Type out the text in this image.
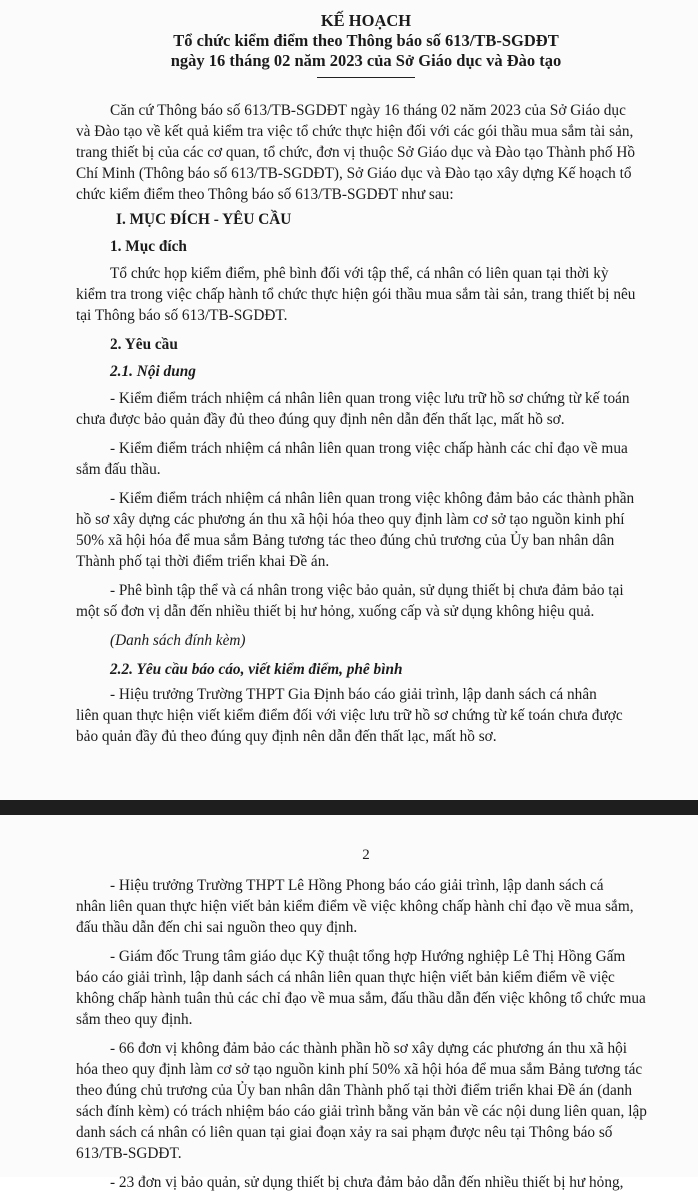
KẾ HOẠCH

Tổ chức kiểm điểm theo Thông báo số 613/TB-SGDĐT

ngày 16 tháng 02 năm 2023 của Sở Giáo dục và Đào tạo

Căn cứ Thông báo số 613/TB-SGDĐT ngày 16 tháng 02 năm 2023 của Sở Giáo dục

và Đào tạo về kết quả kiểm tra việc tổ chức thực hiện đối với các gói thầu mua sắm tài sản,

trang thiết bị của các cơ quan, tổ chức, đơn vị thuộc Sở Giáo dục và Đào tạo Thành phố Hồ

Chí Minh (Thông báo số 613/TB-SGDĐT), Sở Giáo dục và Đào tạo xây dựng Kế hoạch tổ

chức kiểm điểm theo Thông báo số 613/TB-SGDĐT như sau:

I. MỤC ĐÍCH - YÊU CẦU

1. Mục đích

Tổ chức họp kiểm điểm, phê bình đối với tập thể, cá nhân có liên quan tại thời kỳ

kiểm tra trong việc chấp hành tổ chức thực hiện gói thầu mua sắm tài sản, trang thiết bị nêu

tại Thông báo số 613/TB-SGDĐT.

2. Yêu cầu

2.1. Nội dung

- Kiểm điểm trách nhiệm cá nhân liên quan trong việc lưu trữ hồ sơ chứng từ kế toán

chưa được bảo quản đầy đủ theo đúng quy định nên dẫn đến thất lạc, mất hồ sơ.

- Kiểm điểm trách nhiệm cá nhân liên quan trong việc chấp hành các chỉ đạo về mua

sắm đấu thầu.

- Kiểm điểm trách nhiệm cá nhân liên quan trong việc không đảm bảo các thành phần

hồ sơ xây dựng các phương án thu xã hội hóa theo quy định làm cơ sở tạo nguồn kinh phí

50% xã hội hóa để mua sắm Bảng tương tác theo đúng chủ trương của Ủy ban nhân dân

Thành phố tại thời điểm triển khai Đề án.

- Phê bình tập thể và cá nhân trong việc bảo quản, sử dụng thiết bị chưa đảm bảo tại

một số đơn vị dẫn đến nhiều thiết bị hư hỏng, xuống cấp và sử dụng không hiệu quả.

(Danh sách đính kèm)

2.2. Yêu cầu báo cáo, viết kiểm điểm, phê bình

- Hiệu trưởng Trường THPT Gia Định báo cáo giải trình, lập danh sách cá nhân

liên quan thực hiện viết kiểm điểm đối với việc lưu trữ hồ sơ chứng từ kế toán chưa được

bảo quản đầy đủ theo đúng quy định nên dẫn đến thất lạc, mất hồ sơ.

2

- Hiệu trưởng Trường THPT Lê Hồng Phong báo cáo giải trình, lập danh sách cá

nhân liên quan thực hiện viết bản kiểm điểm về việc không chấp hành chỉ đạo về mua sắm,

đấu thầu dẫn đến chi sai nguồn theo quy định.

- Giám đốc Trung tâm giáo dục Kỹ thuật tổng hợp Hướng nghiệp Lê Thị Hồng Gấm

báo cáo giải trình, lập danh sách cá nhân liên quan thực hiện viết bản kiểm điểm về việc

không chấp hành tuân thủ các chỉ đạo về mua sắm, đấu thầu dẫn đến việc không tổ chức mua

sắm theo quy định.

- 66 đơn vị không đảm bảo các thành phần hồ sơ xây dựng các phương án thu xã hội

hóa theo quy định làm cơ sở tạo nguồn kinh phí 50% xã hội hóa để mua sắm Bảng tương tác

theo đúng chủ trương của Ủy ban nhân dân Thành phố tại thời điểm triển khai Đề án (danh

sách đính kèm) có trách nhiệm báo cáo giải trình bằng văn bản về các nội dung liên quan, lập

danh sách cá nhân có liên quan tại giai đoạn xảy ra sai phạm được nêu tại Thông báo số

613/TB-SGDĐT.

- 23 đơn vị bảo quản, sử dụng thiết bị chưa đảm bảo dẫn đến nhiều thiết bị hư hỏng,
